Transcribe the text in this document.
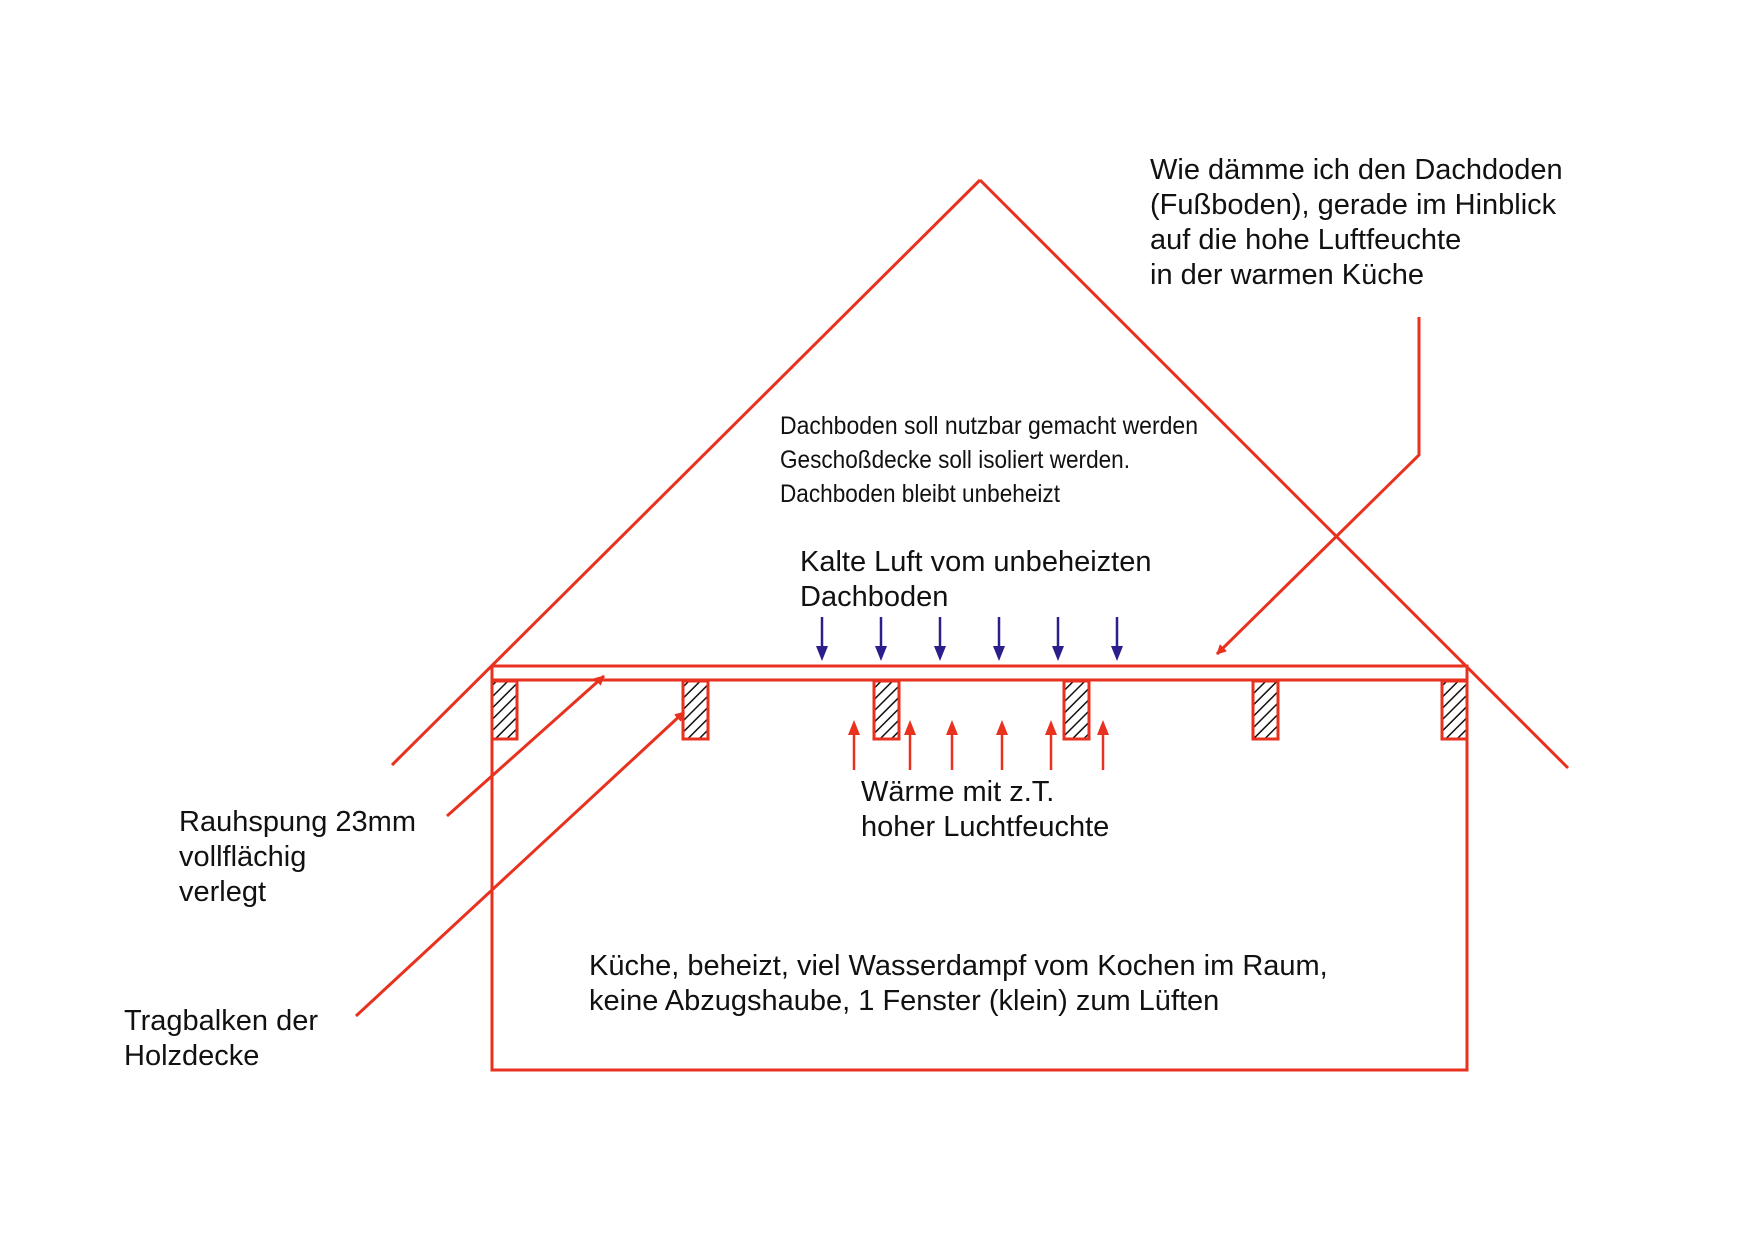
Wie dämme ich den Dachdoden (Fußboden), gerade im Hinblick auf die hohe Luftfeuchte in der warmen Küche
Dachboden soll nutzbar gemacht werden
Geschoßdecke soll isoliert werden.
Dachboden bleibt unbeheizt
Kalte Luft vom unbeheizten Dachboden
Wärme mit z.T. hoher Luchtfeuchte
Rauhspung 23mm vollflächig verlegt
Tragbalken der Holzdecke
Küche, beheizt, viel Wasserdampf vom Kochen im Raum, keine Abzugshaube, 1 Fenster (klein) zum Lüften
